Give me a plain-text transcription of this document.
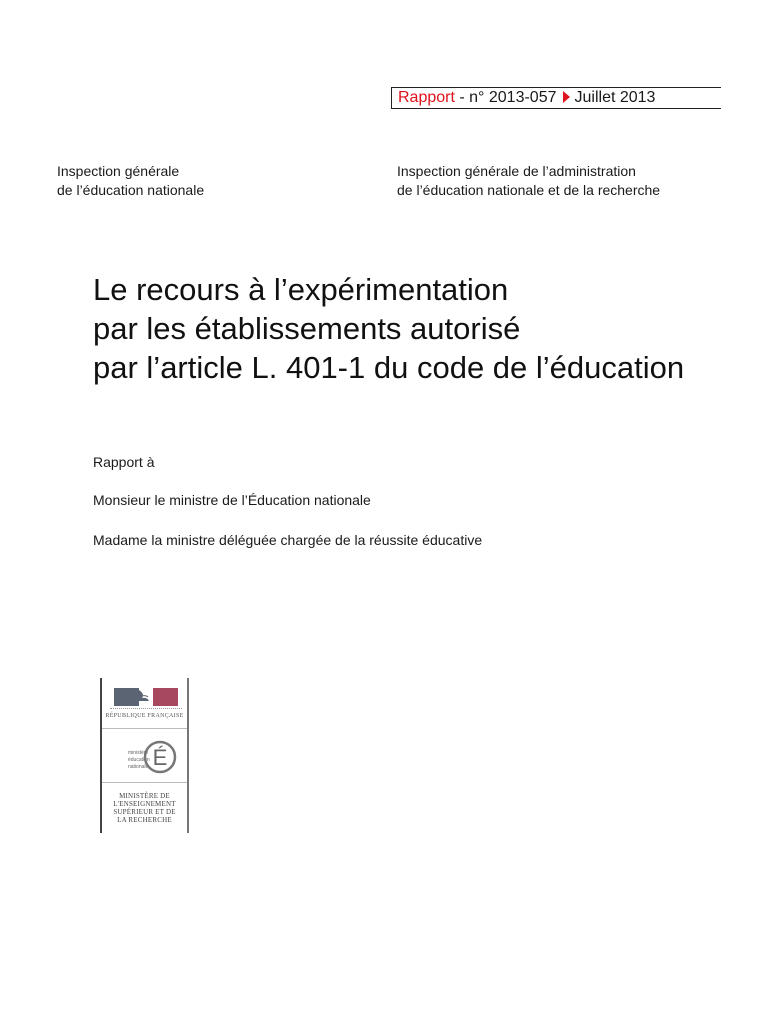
Rapport - n° 2013-057 Juillet 2013
Inspection générale
de l’éducation nationale
Inspection générale de l’administration
de l’éducation nationale et de la recherche
Le recours à l’expérimentation
par les établissements autorisé
par l’article L. 401-1 du code de l’éducation
Rapport à
Monsieur le ministre de l’Éducation nationale
Madame la ministre déléguée chargée de la réussite éducative
RÉPUBLIQUE FRANÇAISE
ministère
éducation
nationale É
MINISTÈRE DE
L'ENSEIGNEMENT
SUPÉRIEUR ET DE
LA RECHERCHE
